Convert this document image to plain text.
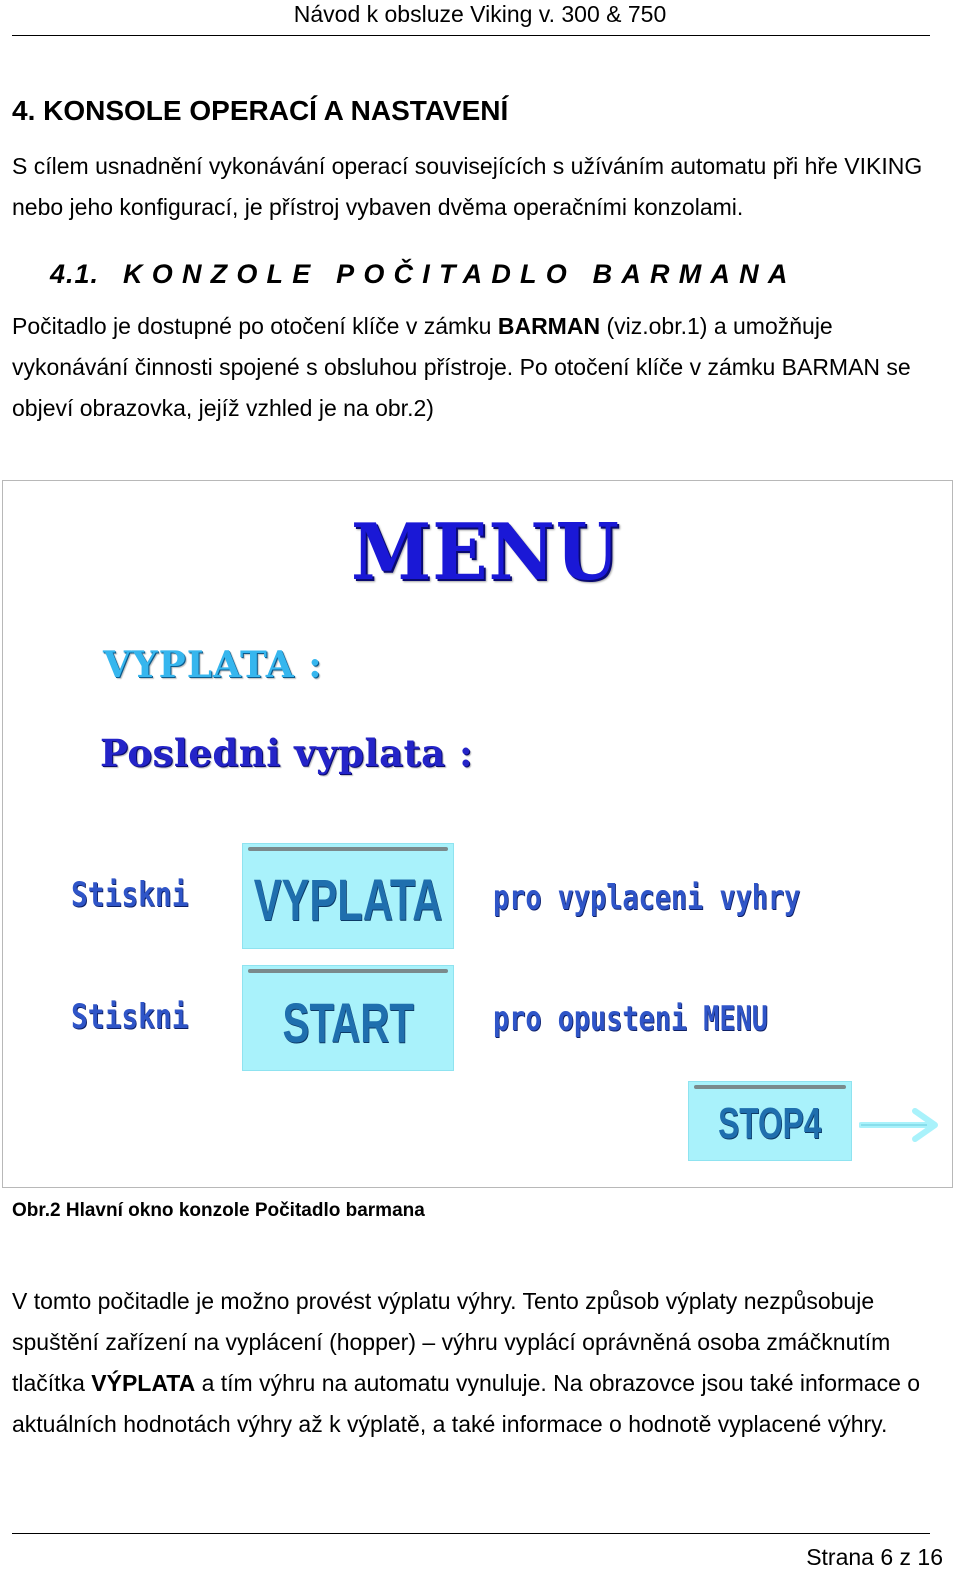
Návod k obsluze Viking v. 300 & 750
4. KONSOLE OPERACÍ A NASTAVENÍ
S cílem usnadnění vykonávání operací souvisejících s užíváním automatu při hře VIKING nebo jeho konfigurací, je přístroj vybaven dvěma operačními konzolami.
4.1. KONZOLE POČITADLO BARMANA
Počitadlo je dostupné po otočení klíče v zámku BARMAN (viz.obr.1) a umožňuje vykonávání činnosti spojené s obsluhou přístroje. Po otočení klíče v zámku BARMAN se objeví obrazovka, jejíž vzhled je na obr.2)
MENU
VYPLATA :
Posledni vyplata :
Stiskni VYPLATA pro vyplaceni vyhry
Stiskni START pro opusteni MENU
STOP4
Obr.2 Hlavní okno konzole Počitadlo barmana
V tomto počitadle je možno provést výplatu výhry. Tento způsob výplaty nezpůsobuje spuštění zařízení na vyplácení (hopper) – výhru vyplácí oprávněná osoba zmáčknutím tlačítka VÝPLATA a tím výhru na automatu vynuluje. Na obrazovce jsou také informace o aktuálních hodnotách výhry až k výplatě, a také informace o hodnotě vyplacené výhry.
Strana 6 z 16
